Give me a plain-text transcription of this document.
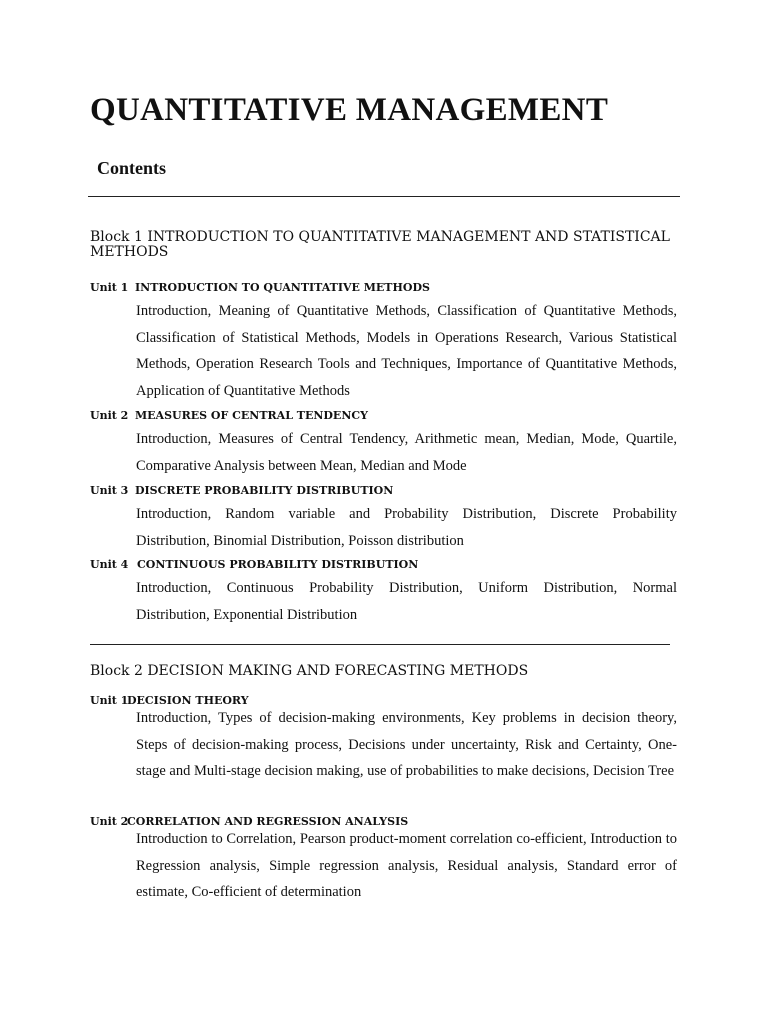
QUANTITATIVE MANAGEMENT
Contents

Block 1 INTRODUCTION TO QUANTITATIVE MANAGEMENT AND STATISTICAL METHODS

Unit 1 INTRODUCTION TO QUANTITATIVE METHODS

Introduction, Meaning of Quantitative Methods, Classification of Quantitative Methods, Classification of Statistical Methods, Models in Operations Research, Various Statistical Methods, Operation Research Tools and Techniques, Importance of Quantitative Methods, Application of Quantitative Methods

Unit 2 MEASURES OF CENTRAL TENDENCY

Introduction, Measures of Central Tendency, Arithmetic mean, Median, Mode, Quartile, Comparative Analysis between Mean, Median and Mode

Unit 3 DISCRETE PROBABILITY DISTRIBUTION

Introduction, Random variable and Probability Distribution, Discrete Probability Distribution, Binomial Distribution, Poisson distribution

Unit 4 CONTINUOUS PROBABILITY DISTRIBUTION

Introduction, Continuous Probability Distribution, Uniform Distribution, Normal Distribution, Exponential Distribution

Block 2 DECISION MAKING AND FORECASTING METHODS

Unit 1DECISION THEORY

Introduction, Types of decision-making environments, Key problems in decision theory, Steps of decision-making process, Decisions under uncertainty, Risk and Certainty, One-stage and Multi-stage decision making, use of probabilities to make decisions, Decision Tree

Unit 2CORRELATION AND REGRESSION ANALYSIS

Introduction to Correlation, Pearson product-moment correlation co-efficient, Introduction to Regression analysis, Simple regression analysis, Residual analysis, Standard error of estimate, Co-efficient of determination
